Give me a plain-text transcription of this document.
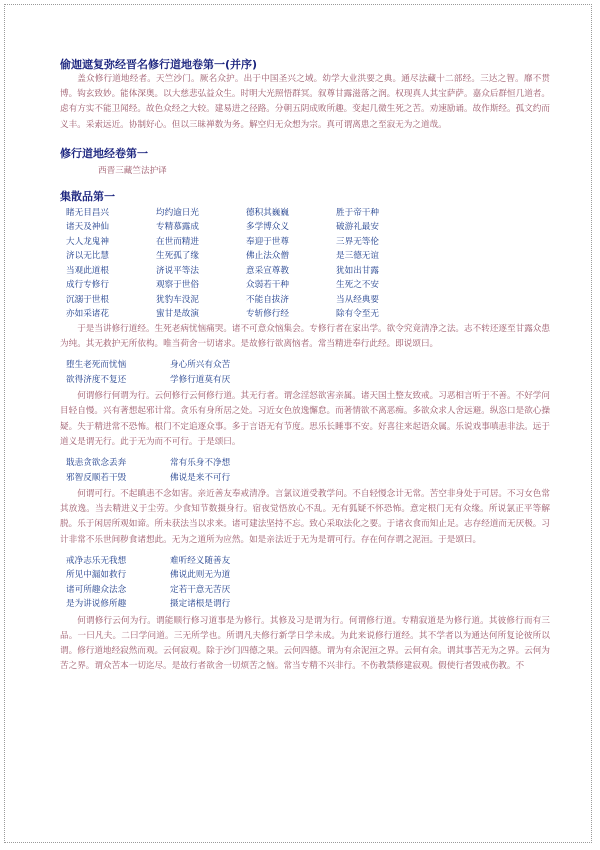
偷迦遮复弥经晋名修行道地卷第一(并序)

盖众修行道地经者。天竺沙门。厥名众护。出于中国圣兴之域。幼学大业洪要之典。通尽法藏十二部经。三达之智。靡不贯博。钩玄致妙。能体深奥。以大慈悲弘益众生。时明大光照悟群冥。叙尊甘露滋落之润。权现真人其宝萨萨。嘉众后群恒几道者。虑有方实不能卫闻经。故色众经之大较。建易进之径路。分朝五阴成败所趣。变起几微生死之苦。劝速励诵。故作斯经。孤文约而义丰。采索远近。协制好心。但以三昧禅数为务。解空归无众想为宗。真可谓离患之至寂无为之道哉。

修行道地经卷第一
西晋三藏竺法护译
集散品第一
睹无目昌兴	均约逾日光	德积其巍巍	胜于帝干种
诸天及神仙	专精慕露成	多学博众义	破游礼最安
大人龙鬼神	在世而精进	奉迎于世尊	三界无等伦
济以无比慧	生死孤了缘	佛止法众僧	是三德无谊
当观此道根	济说平等法	意采宣尊教	犹如出甘露
成行专修行	观察于世俗	众弱若干种	生死之不安
沉溺于世根	犹豹车没泥	不能自拔济	当从经典要
亦如采诸花	蜜甘是故演	专斩修行经	除有令至无

于是当讲修行道经。生死老病忧恼痛哭。诸不可意众恼集会。专修行者在家出学。欲令究竟清净之法。志不转还逐至甘露众患为纯。其无救护无所依构。唯当荷舍一切诸求。是故修行欲离恼者。常当精进奉行此经。即说颂曰。

堕生老死而忧恼	身心所兴有众苦
欲得济度不复还	学修行道莫有厌

何谓修行何谓为行。云何修行云何修行道。其无行者。谓念淫怒欲害亲属。诸天国土整友致戒。习恶相言听于不善。不好学问目轻自慢。兴有著想起邪计常。贪乐有身所居之处。习近女色放逸懈怠。而著情欲不离恶痴。多欲众求人舍远避。纵恣口是欲心操疑。失于精进常不恐怖。根门不定追逐众事。多于言语无有节度。思乐长睡事不安。好喜往来起语众属。乐说戏事嗔恚非法。远于道义是谓无行。此于无为而不可行。于是颂曰。

戢恚贪欲念丢奔	常有乐身不净想
邪智反顺若干毁	佛说是来不可行

何谓可行。不起瞋恚不念如害。亲近善友奉戒清净。言氯议道受教学问。不自轻慢念计无常。苦空非身处于可居。不习女色常其放逸。当去精进义于尘劳。少食知节数摄身行。宿夜觉悟放心不乱。无有狐疑不怀恐怖。意定根门无有众缘。所说氯正平等解脱。乐于闲居所观如谛。所未获法当以求来。诸可建法坚持不忘。致心采取法化之要。于诸衣食而知止足。志存经道而无厌极。习计非常不乐世间秽食诸想此。无为之道所为应然。如是亲法近于无为是谓可行。存在何存谓之泥洹。于是颂曰。

戒净志乐无我想	难听经义随善友
所见中漏如救行	佛说此则无为道
诸可所趣众法念	定若干意无苦厌
是为讲说修所趣	摄定诸根是谓行

何谓修行云何为行。谓能顺行修习道事是为修行。其修及习是谓为行。何谓修行道。专精寂道是为修行道。其彼修行而有三品。一曰凡夫。二曰学问道。三无所学也。所谓凡夫修行新学日学未成。为此来说修行道经。其不学者以为通达何所复论彼所以谓。修行道地经寂然而观。云何寂观。除于沙门四德之果。云何四德。谓为有余泥洹之界。云何有余。谓其事苦无为之界。云何为苦之界。谓众苦本一切迄尽。是故行者欲舍一切烦苦之恼。常当专精不兴非行。不伤教禁修建寂观。假使行者毁戒伤教。不
